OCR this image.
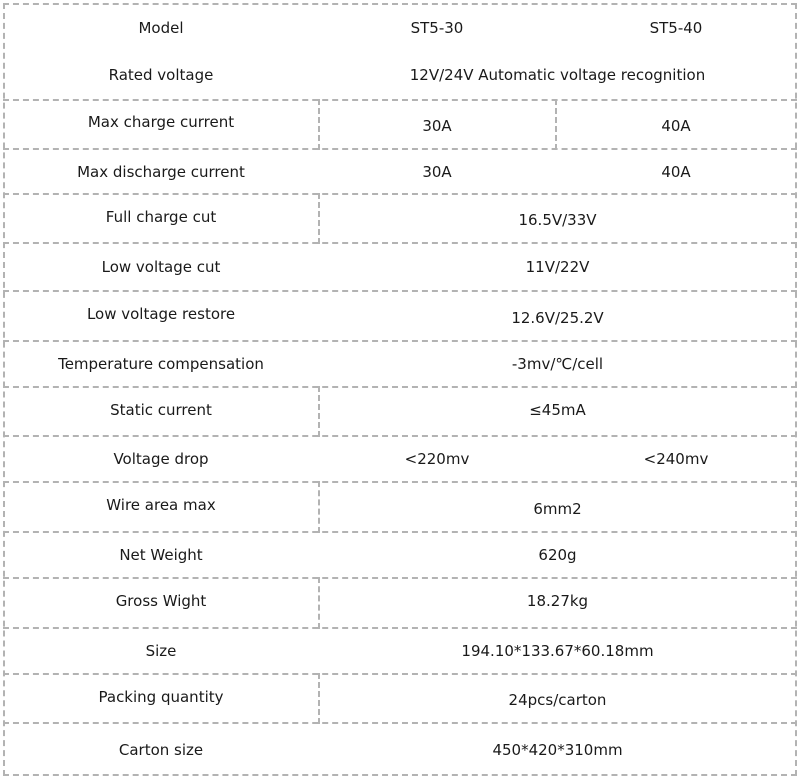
Model	ST5-30	ST5-40
Rated voltage	12V/24V Automatic voltage recognition
Max charge current	30A	40A
Max discharge current	30A	40A
Full charge cut	16.5V/33V
Low voltage cut	11V/22V
Low voltage restore	12.6V/25.2V
Temperature compensation	-3mv/℃/cell
Static current	≤45mA
Voltage drop	<220mv	<240mv
Wire area max	6mm2
Net Weight	620g
Gross Wight	18.27kg
Size	194.10*133.67*60.18mm
Packing quantity	24pcs/carton
Carton size	450*420*310mm
